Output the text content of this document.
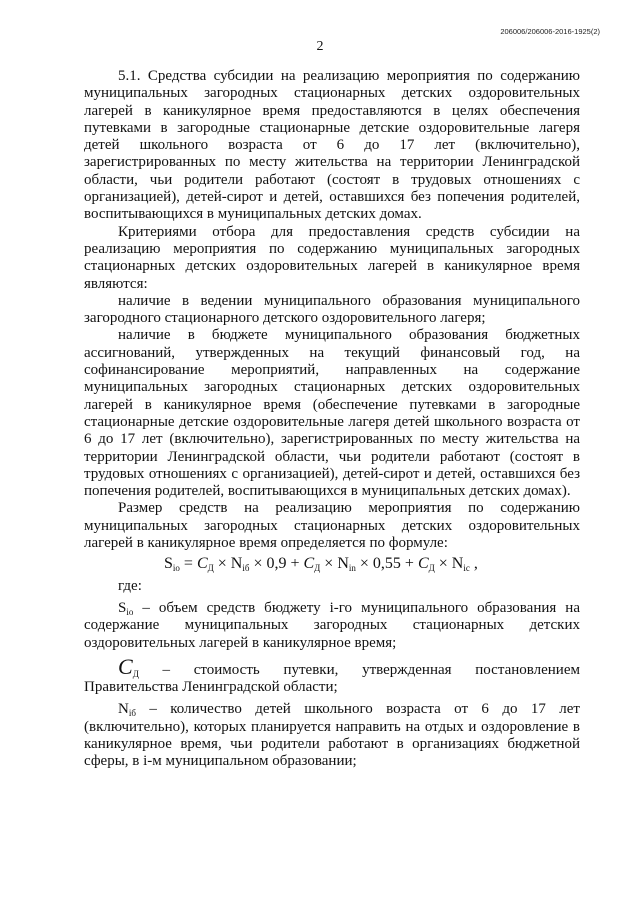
206006/206006-2016-1925(2)
2

5.1. Средства субсидии на реализацию мероприятия по содержанию муниципальных загородных стационарных детских оздоровительных лагерей в каникулярное время предоставляются в целях обеспечения путевками в загородные стационарные детские оздоровительные лагеря детей школьного возраста от 6 до 17 лет (включительно), зарегистрированных по месту жительства на территории Ленинградской области, чьи родители работают (состоят в трудовых отношениях с организацией), детей-сирот и детей, оставшихся без попечения родителей, воспитывающихся в муниципальных детских домах.

Критериями отбора для предоставления средств субсидии на реализацию мероприятия по содержанию муниципальных загородных стационарных детских оздоровительных лагерей в каникулярное время являются:

наличие в ведении муниципального образования муниципального загородного стационарного детского оздоровительного лагеря;

наличие в бюджете муниципального образования бюджетных ассигнований, утвержденных на текущий финансовый год, на софинансирование мероприятий, направленных на содержание муниципальных загородных стационарных детских оздоровительных лагерей в каникулярное время (обеспечение путевками в загородные стационарные детские оздоровительные лагеря детей школьного возраста от 6 до 17 лет (включительно), зарегистрированных по месту жительства на территории Ленинградской области, чьи родители работают (состоят в трудовых отношениях с организацией), детей-сирот и детей, оставшихся без попечения родителей, воспитывающихся в муниципальных детских домах).

Размер средств на реализацию мероприятия по содержанию муниципальных загородных стационарных детских оздоровительных лагерей в каникулярное время определяется по формуле:

$S_{io} = С_Д \times N_{iб} \times 0,9 + С_Д \times N_{in} \times 0,55 + С_Д \times N_{ic}$ ,

где:

$S_{io}$ – объем средств бюджету i-го муниципального образования на содержание муниципальных загородных стационарных детских оздоровительных лагерей в каникулярное время;

$С_Д$ – стоимость путевки, утвержденная постановлением

Правительства Ленинградской области;

$N_{iб}$ – количество детей школьного возраста от 6 до 17 лет (включительно), которых планируется направить на отдых и оздоровление в каникулярное время, чьи родители работают в организациях бюджетной сферы, в i-м муниципальном образовании;
